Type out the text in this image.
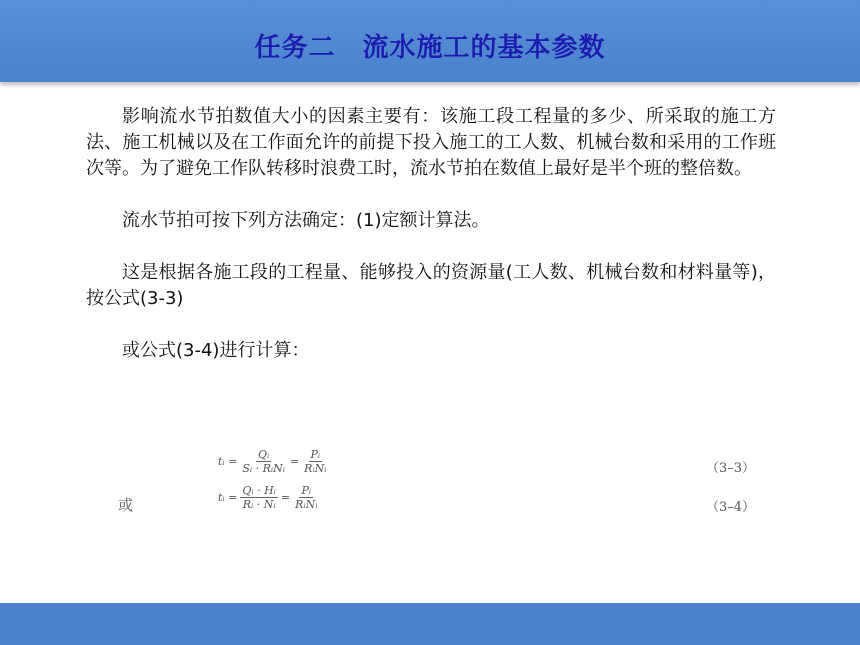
任务二　流水施工的基本参数

影响流水节拍数值大小的因素主要有：该施工段工程量的多少、所采取的施工方法、施工机械以及在工作面允许的前提下投入施工的工人数、机械台数和采用的工作班次等。为了避免工作队转移时浪费工时，流水节拍在数值上最好是半个班的整倍数。

流水节拍可按下列方法确定：(1)定额计算法。

这是根据各施工段的工程量、能够投入的资源量(工人数、机械台数和材料量等)，按公式(3-3)

或公式(3-4)进行计算：

或
tᵢ = $\frac{\text{Qᵢ}}{\text{Sᵢ · RᵢNᵢ}} = \frac{\text{Pᵢ}}{\text{RᵢNᵢ}}$	（3–3）
tᵢ = $\frac{\text{Qᵢ · Hᵢ}}{\text{Rᵢ · Nᵢ}} = \frac{\text{Pᵢ}}{\text{RᵢNᵢ}}$	（3–4）
